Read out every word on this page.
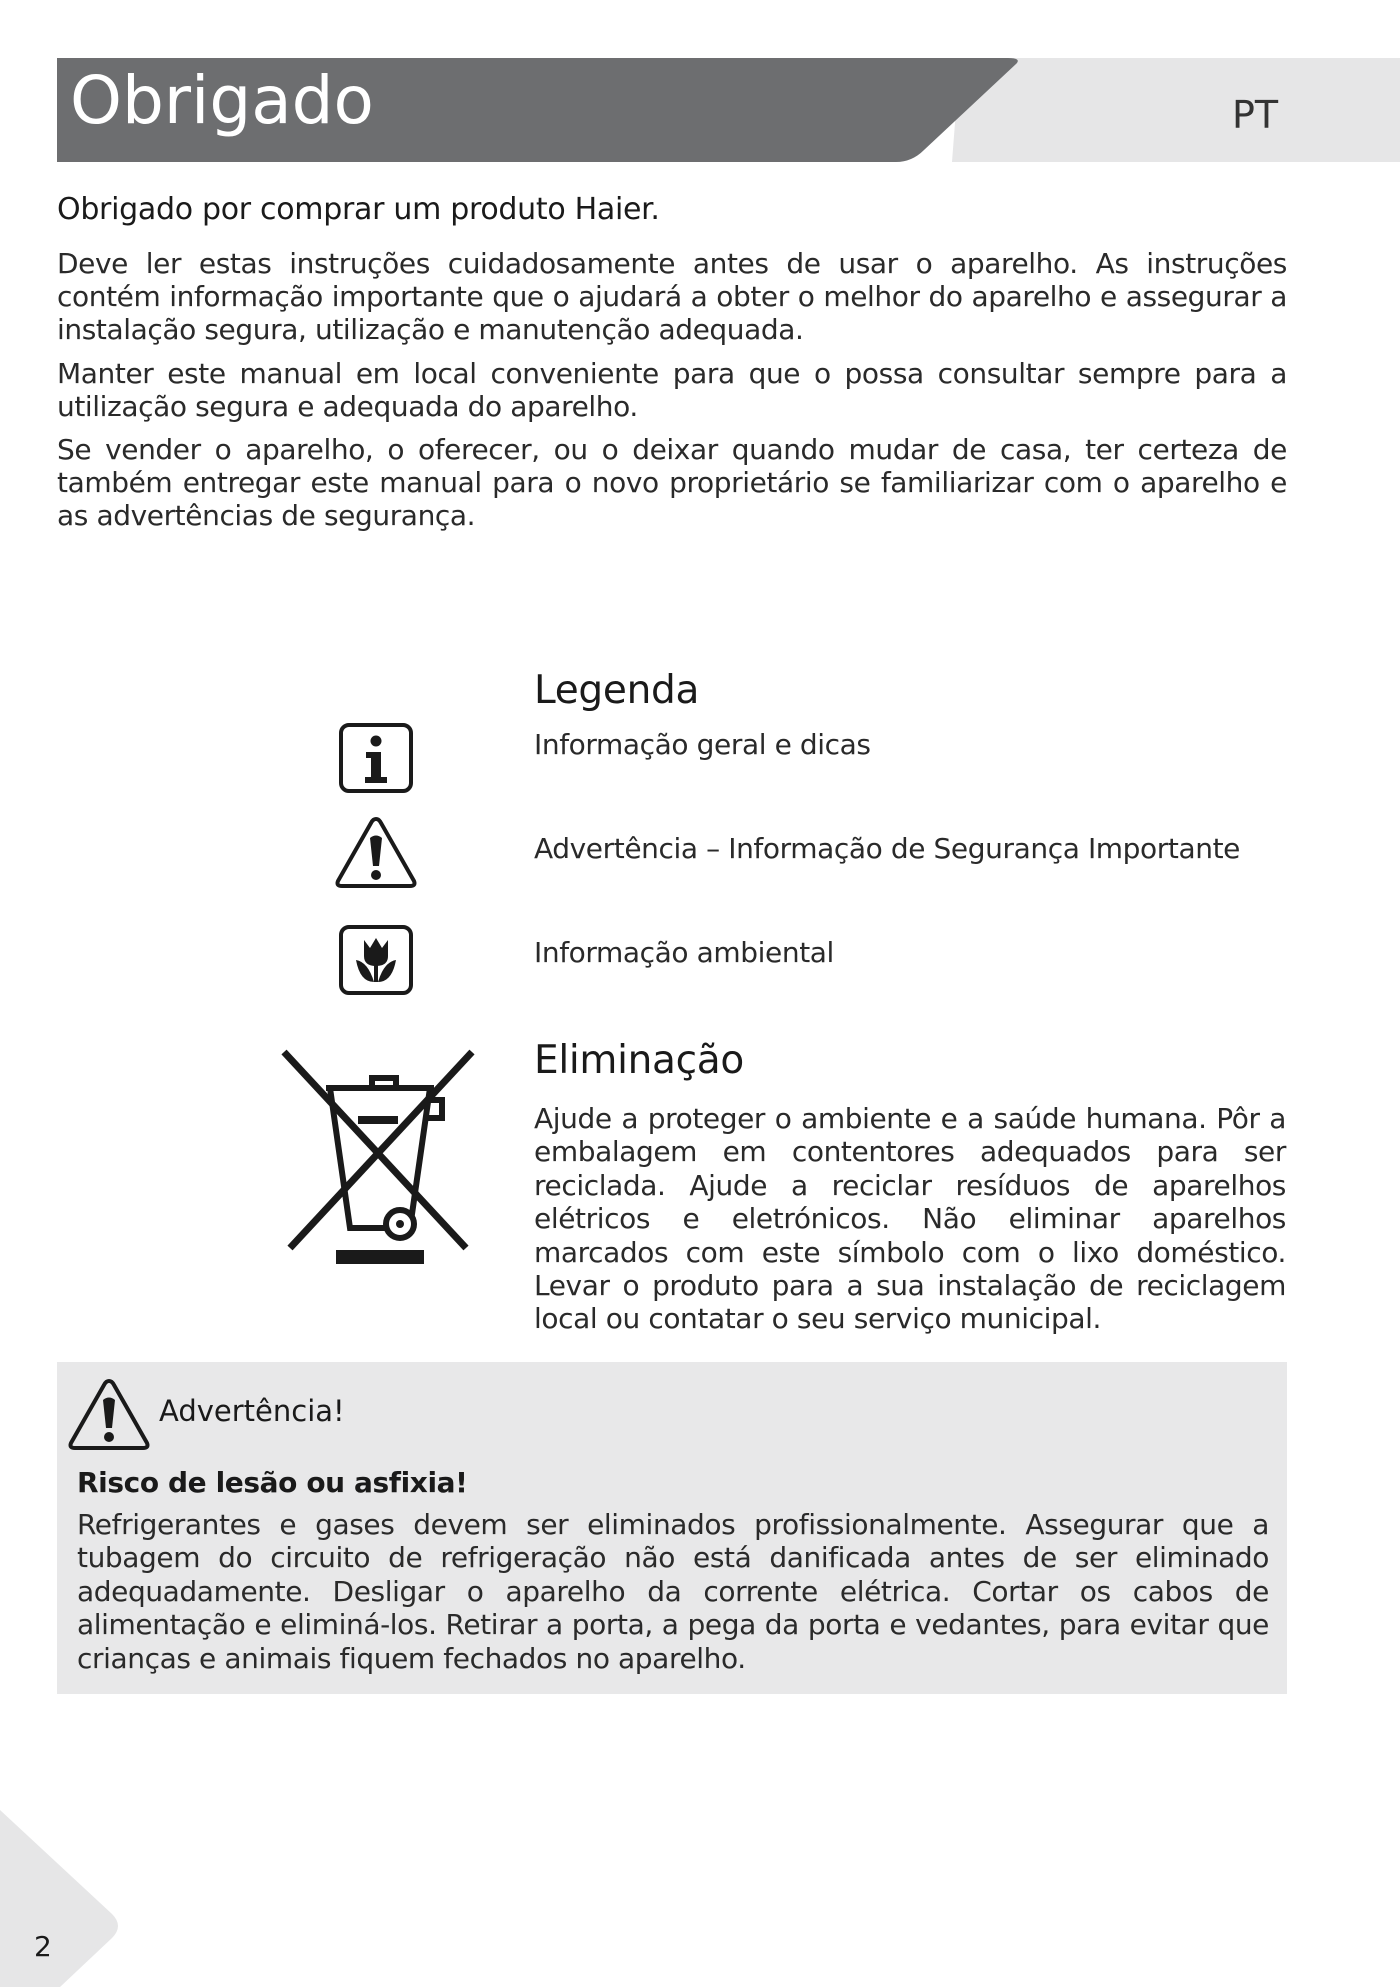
Obrigado	PT
Obrigado por comprar um produto Haier.

Deve ler estas instruções cuidadosamente antes de usar o aparelho. As instruções contém informação importante que o ajudará a obter o melhor do aparelho e assegurar a instalação segura, utilização e manutenção adequada.

Manter este manual em local conveniente para que o possa consultar sempre para a utilização segura e adequada do aparelho.

Se vender o aparelho, o oferecer, ou o deixar quando mudar de casa, ter certeza de também entregar este manual para o novo proprietário se familiarizar com o aparelho e as advertências de segurança.

Legenda
Informação geral e dicas
Advertência – Informação de Segurança Importante
Informação ambiental
Eliminação

Ajude a proteger o ambiente e a saúde humana. Pôr a embalagem em contentores adequados para ser reciclada. Ajude a reciclar resíduos de aparelhos elétricos e eletrónicos. Não eliminar aparelhos marcados com este símbolo com o lixo doméstico. Levar o produto para a sua instalação de reciclagem local ou contatar o seu serviço municipal.

Advertência!
Risco de lesão ou asfixia!

Refrigerantes e gases devem ser eliminados profissionalmente. Assegurar que a tubagem do circuito de refrigeração não está danificada antes de ser eliminado adequadamente. Desligar o aparelho da corrente elétrica. Cortar os cabos de alimentação e eliminá-los. Retirar a porta, a pega da porta e vedantes, para evitar que crianças e animais fiquem fechados no aparelho.

2
